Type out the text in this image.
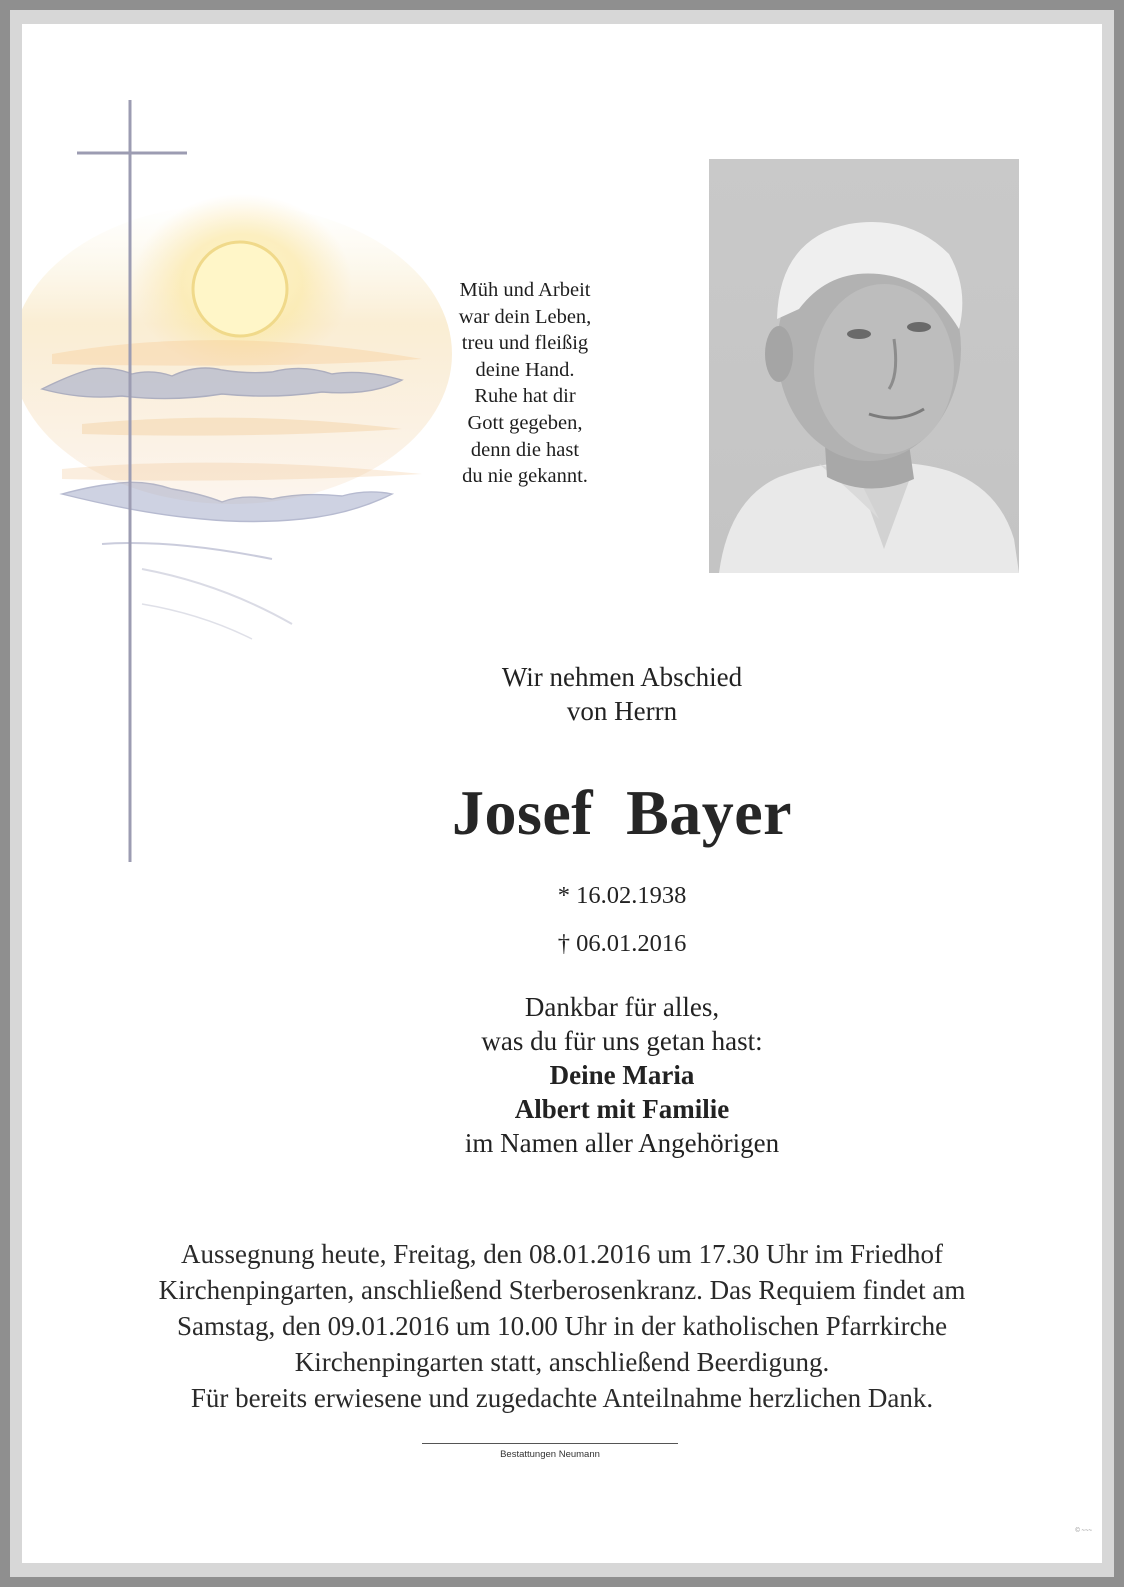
Müh und Arbeit
war dein Leben,
treu und fleißig
deine Hand.
Ruhe hat dir
Gott gegeben,
denn die hast
du nie gekannt.
Wir nehmen Abschied
von Herrn
Josef  Bayer
* 16.02.1938
† 06.01.2016
Dankbar für alles,
was du für uns getan hast:
Deine Maria
Albert mit Familie
im Namen aller Angehörigen
Aussegnung heute, Freitag, den 08.01.2016 um 17.30 Uhr im Friedhof
Kirchenpingarten, anschließend Sterberosenkranz. Das Requiem findet am
Samstag, den 09.01.2016 um 10.00 Uhr in der katholischen Pfarrkirche
Kirchenpingarten statt, anschließend Beerdigung.
Für bereits erwiesene und zugedachte Anteilnahme herzlichen Dank.
Bestattungen Neumann
© ~~~
